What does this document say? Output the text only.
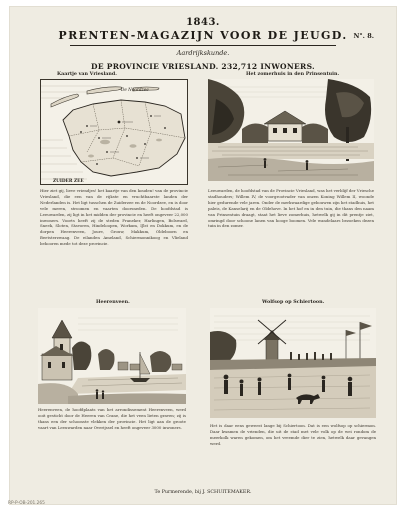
1843.
PRENTEN-MAGAZIJN VOOR DE JEUGD. N°. 8.
Aardrijkskunde.
DE PROVINCIE VRIESLAND. 232,712 INWONERS.
Kaartje van Vriesland.
De Noordzee
ZUIDER ZEE
Hier ziet gij, lieve vriendjes! het kaartje van den kouden! van de provincie Vriesland, die een van de rijkste en vruchtbaarste landen der Nederlanden is. Het ligt tusschen de Zuiderzee en de Noordzee, en is door vele meren, stroomen en vaarten doorsneden. De hoofdstad is Leeuwarden, zij ligt in het midden der provincie en heeft ongeveer 22,000 inwoners. Voorts heeft zij de steden Franeker, Harlingen, Bolsward, Sneek, Sloten, Stavoren, Hindeloopen, Workum, IJlst en Dokkum, en de dorpen Heerenveen, Joure, Grouw, Makkum, Oldeboorn en Beetsterzwaag. De eilanden Ameland, Schiermonnikoog en Vlieland behooren mede tot deze provincie.
Het zomerhuis in den Prinsentuin.
Leeuwarden, de hoofdstad van de Provincie Vriesland, was het verblijf der Vriesche stadhouders; Willem IV, de voorgrootvader van onzen Koning Willem II, woonde hier gedurende vele jaren. Onder de merkwaardige gebouwen zijn het stadhuis, het paleis, de Kanselarij en de Oldehove. In het hof en in den tuin, die thans den naam van Prinsentuin draagt, staat het lieve zomerhuis, hetwelk gij in dit prentje ziet, omringd door schoone lanen van hooge boomen. Vele wandelaars bezoeken dezen tuin in den zomer.
Heerenveen.
Heerenveen, de hoofdplaats van het arrondissement Heerenveen, werd ooit gesticht door de Heeren van Crane, die het veen lieten graven; zij is thans een der schoonste vlekken der provincie. Het ligt aan de groote vaart van Leeuwarden naar Overijssel en heeft ongeveer 3000 inwoners.
Wolfsop op Schiertoon.
Het is daar eens geweest lange bij Schiertoon. Dat is een wolfsop op schiermon. Daar kwamen de vrienden, die uit de stad met vele volk op de wei rondom de meerkolk waren gekomen, om het vreemde dier te zien, hetwelk daar gevangen werd.
Te Purmerende, bij J. SCHUITEMAKER.
RP-P-OB-201.265
